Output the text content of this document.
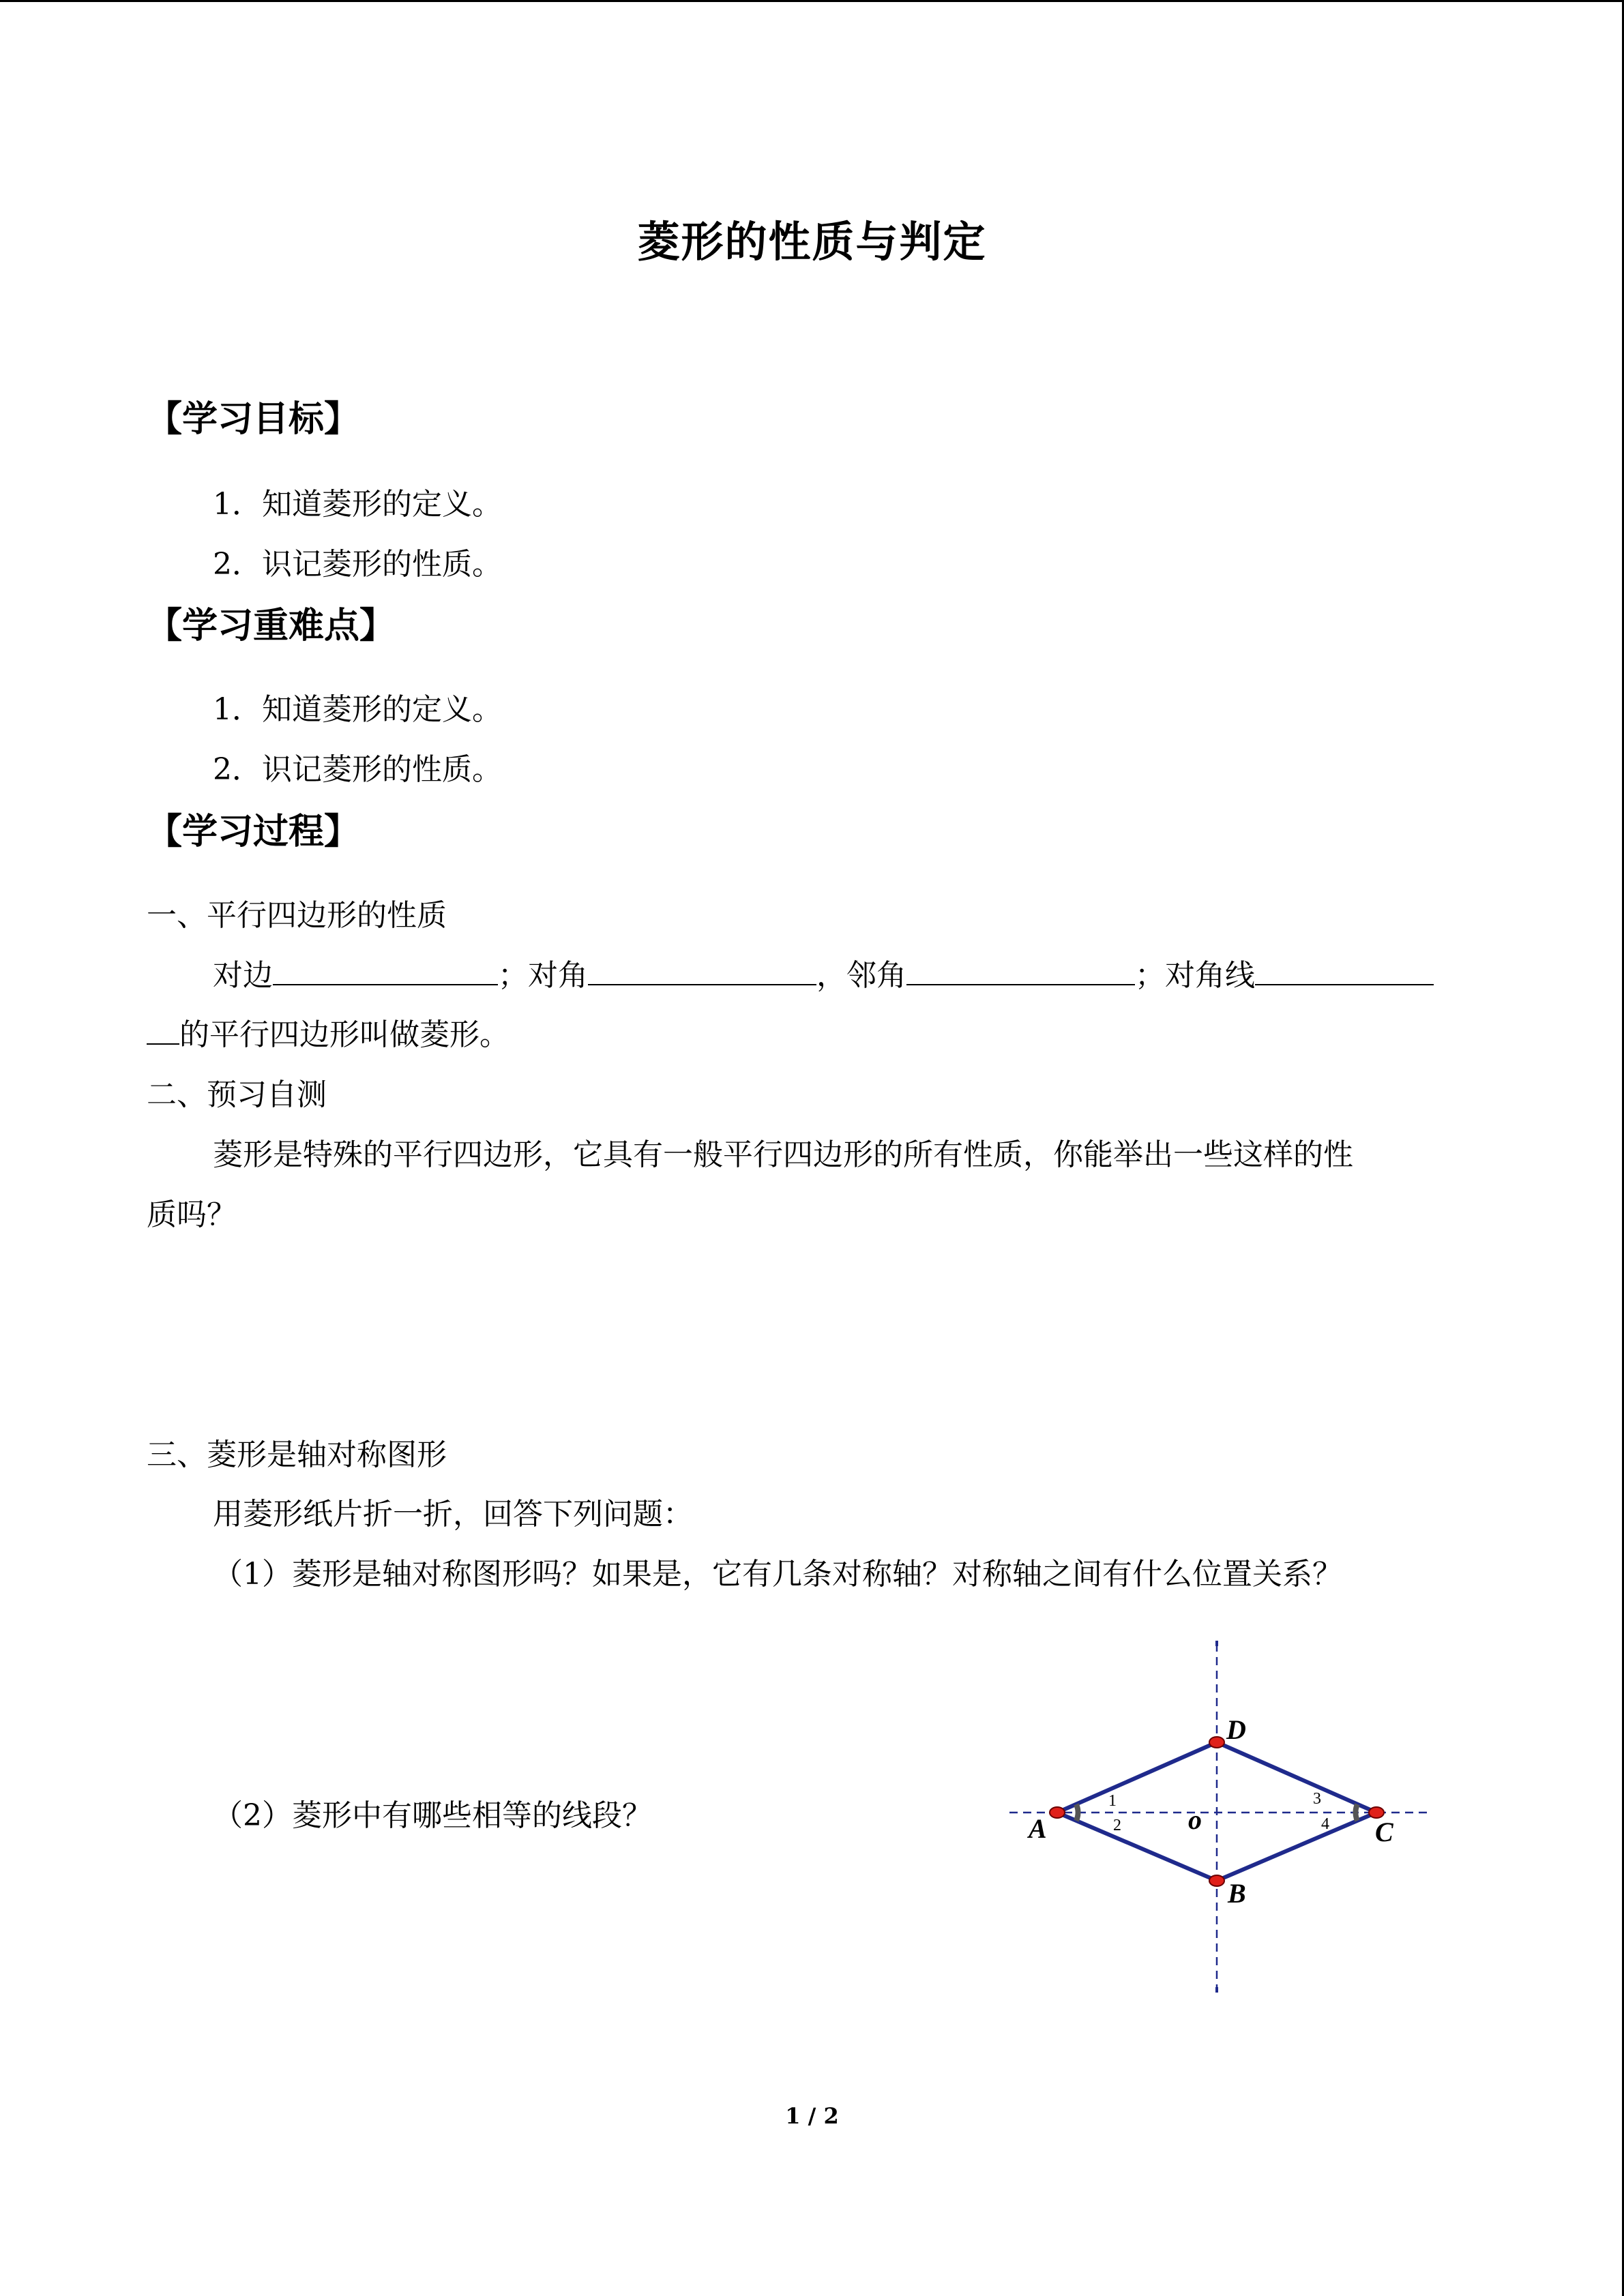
菱形的性质与判定
【学习目标】
1．知道菱形的定义。
2．识记菱形的性质。
【学习重难点】
1．知道菱形的定义。
2．识记菱形的性质。
【学习过程】
一、平行四边形的性质
对边	；对角	，邻角	；对角线
的平行四边形叫做菱形。
二、预习自测
菱形是特殊的平行四边形，它具有一般平行四边形的所有性质，你能举出一些这样的性
质吗？
三、菱形是轴对称图形
用菱形纸片折一折，回答下列问题：
（1）菱形是轴对称图形吗？如果是，它有几条对称轴？对称轴之间有什么位置关系？
（2）菱形中有哪些相等的线段？	A
D
C
B
o
1
2
3
4
1 / 2
